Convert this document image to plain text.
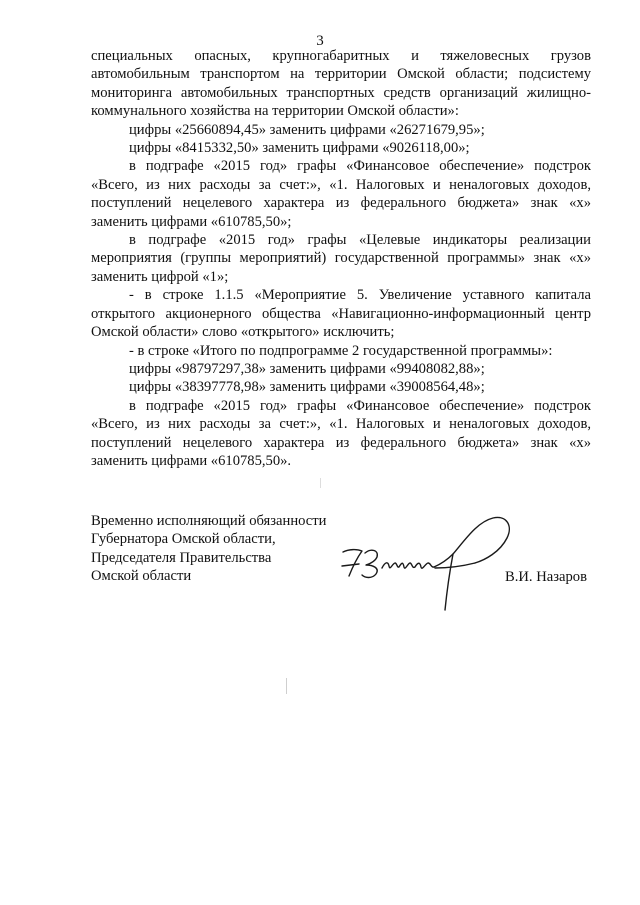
3

специальных опасных, крупногабаритных и тяжеловесных грузов автомобильным транспортом на территории Омской области; подсистему мониторинга автомобильных транспортных средств организаций жилищно-коммунального хозяйства на территории Омской области»:

цифры «25660894,45» заменить цифрами «26271679,95»;

цифры «8415332,50» заменить цифрами «9026118,00»;

в подграфе «2015 год» графы «Финансовое обеспечение» подстрок «Всего, из них расходы за счет:», «1. Налоговых и неналоговых доходов, поступлений нецелевого характера из федерального бюджета» знак «х» заменить цифрами «610785,50»;

в подграфе «2015 год» графы «Целевые индикаторы реализации мероприятия (группы мероприятий) государственной программы» знак «х» заменить цифрой «1»;

- в строке 1.1.5 «Мероприятие 5. Увеличение уставного капитала открытого акционерного общества «Навигационно-информационный центр Омской области» слово «открытого» исключить;

- в строке «Итого по подпрограмме 2 государственной программы»:

цифры «98797297,38» заменить цифрами «99408082,88»;

цифры «38397778,98» заменить цифрами «39008564,48»;

в подграфе «2015 год» графы «Финансовое обеспечение» подстрок «Всего, из них расходы за счет:», «1. Налоговых и неналоговых доходов, поступлений нецелевого характера из федерального бюджета» знак «х» заменить цифрами «610785,50».

Временно исполняющий обязанности

Губернатора Омской области,

Председателя Правительства

Омской области	В.И. Назаров
